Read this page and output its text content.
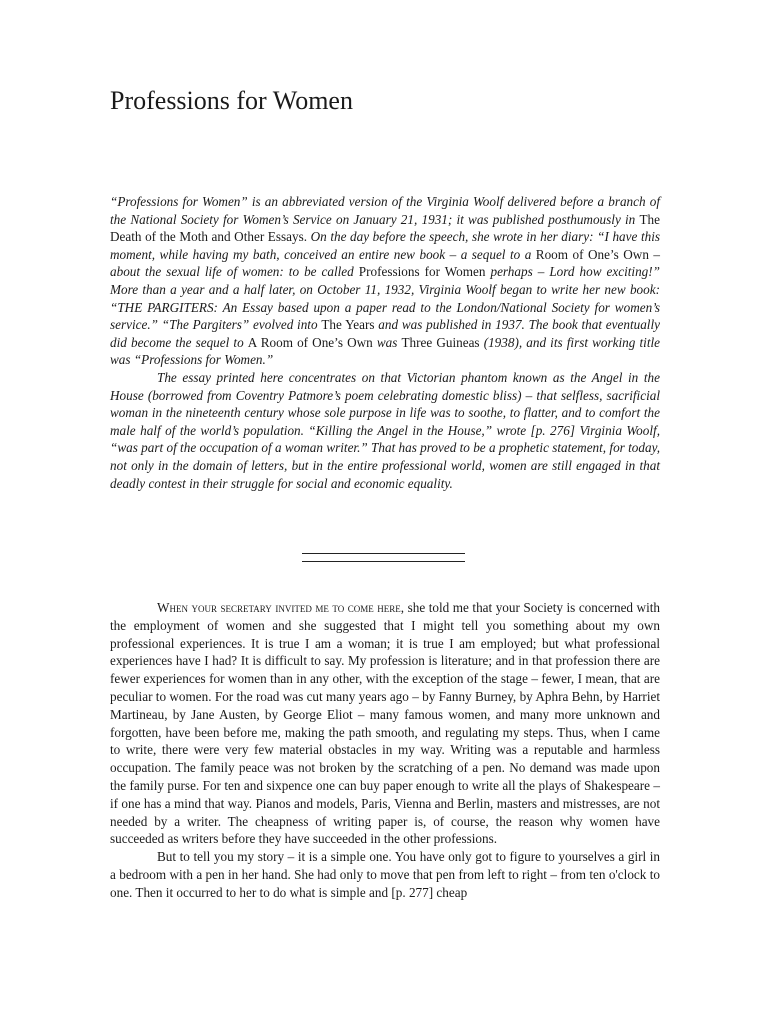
Professions for Women

“Professions for Women” is an abbreviated version of the Virginia Woolf delivered before a branch of the National Society for Women’s Service on January 21, 1931; it was published posthumously in The Death of the Moth and Other Essays. On the day before the speech, she wrote in her diary: “I have this moment, while having my bath, conceived an entire new book – a sequel to a Room of One’s Own – about the sexual life of women: to be called Professions for Women perhaps – Lord how exciting!” More than a year and a half later, on October 11, 1932, Virginia Woolf began to write her new book: “THE PARGITERS: An Essay based upon a paper read to the London/National Society for women’s service.” “The Pargiters” evolved into The Years and was published in 1937. The book that eventually did become the sequel to A Room of One’s Own was Three Guineas (1938), and its first working title was “Professions for Women.”

The essay printed here concentrates on that Victorian phantom known as the Angel in the House (borrowed from Coventry Patmore’s poem celebrating domestic bliss) – that selfless, sacrificial woman in the nineteenth century whose sole purpose in life was to soothe, to flatter, and to comfort the male half of the world’s population. “Killing the Angel in the House,” wrote [p. 276] Virginia Woolf, “was part of the occupation of a woman writer.” That has proved to be a prophetic statement, for today, not only in the domain of letters, but in the entire professional world, women are still engaged in that deadly contest in their struggle for social and economic equality.

When your secretary invited me to come here, she told me that your Society is concerned with the employment of women and she suggested that I might tell you something about my own professional experiences. It is true I am a woman; it is true I am employed; but what professional experiences have I had? It is difficult to say. My profession is literature; and in that profession there are fewer experiences for women than in any other, with the exception of the stage – fewer, I mean, that are peculiar to women. For the road was cut many years ago – by Fanny Burney, by Aphra Behn, by Harriet Martineau, by Jane Austen, by George Eliot – many famous women, and many more unknown and forgotten, have been before me, making the path smooth, and regulating my steps. Thus, when I came to write, there were very few material obstacles in my way. Writing was a reputable and harmless occupation. The family peace was not broken by the scratching of a pen. No demand was made upon the family purse. For ten and sixpence one can buy paper enough to write all the plays of Shakespeare – if one has a mind that way. Pianos and models, Paris, Vienna and Berlin, masters and mistresses, are not needed by a writer. The cheapness of writing paper is, of course, the reason why women have succeeded as writers before they have succeeded in the other professions.

But to tell you my story – it is a simple one. You have only got to figure to yourselves a girl in a bedroom with a pen in her hand. She had only to move that pen from left to right – from ten o'clock to one. Then it occurred to her to do what is simple and [p. 277] cheap
